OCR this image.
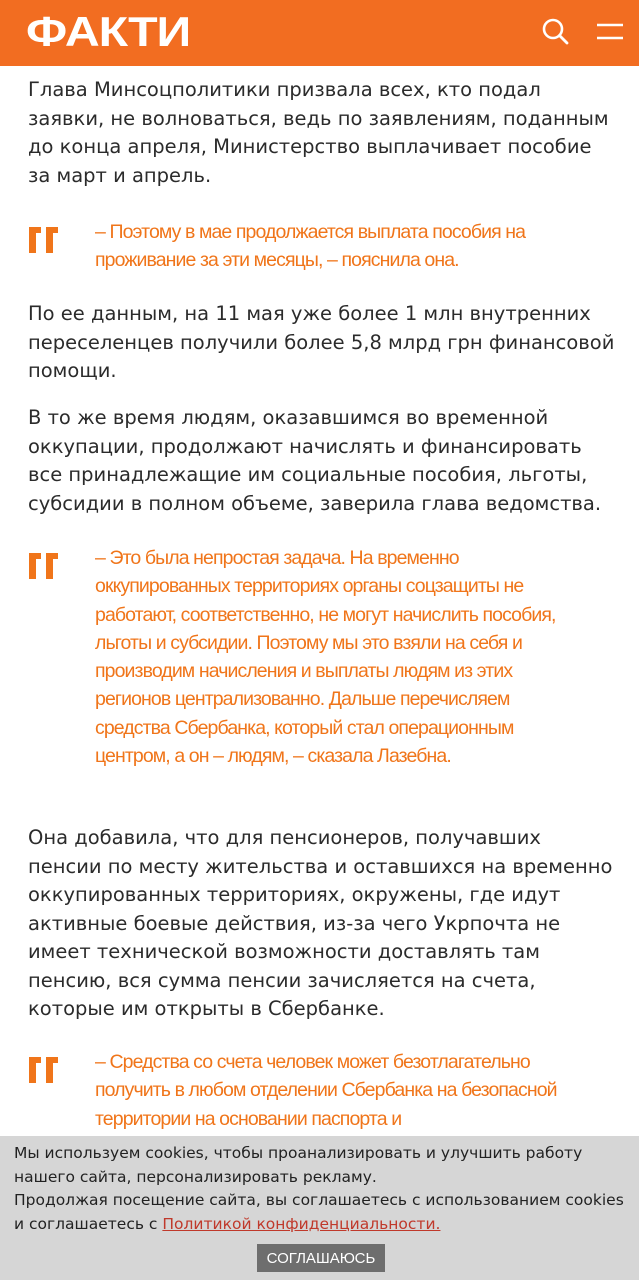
ФАКТИ

Глава Минсоцполитики призвала всех, кто подал заявки, не волноваться, ведь по заявлениям, поданным до конца апреля, Министерство выплачивает пособие за март и апрель.

– Поэтому в мае продолжается выплата пособия на проживание за эти месяцы, – пояснила она.

По ее данным, на 11 мая уже более 1 млн внутренних переселенцев получили более 5,8 млрд грн финансовой помощи.

В то же время людям, оказавшимся во временной оккупации, продолжают начислять и финансировать все принадлежащие им социальные пособия, льготы, субсидии в полном объеме, заверила глава ведомства.

– Это была непростая задача. На временно оккупированных территориях органы соцзащиты не работают, соответственно, не могут начислить пособия, льготы и субсидии. Поэтому мы это взяли на себя и производим начисления и выплаты людям из этих регионов централизованно. Дальше перечисляем средства Сбербанка, который стал операционным центром, а он – людям, – сказала Лазебна.

Она добавила, что для пенсионеров, получавших пенсии по месту жительства и оставшихся на временно оккупированных территориях, окружены, где идут активные боевые действия, из-за чего Укрпочта не имеет технической возможности доставлять там пенсию, вся сумма пенсии зачисляется на счета, которые им открыты в Сбербанке.

– Средства со счета человек может безотлагательно получить в любом отделении Сбербанка на безопасной территории на основании паспорта и

Мы используем cookies, чтобы проанализировать и улучшить работу нашего сайта, персонализировать рекламу.
Продолжая посещение сайта, вы соглашаетесь с использованием cookies и соглашаетесь с Политикой конфиденциальности.

СОГЛАШАЮСЬ
